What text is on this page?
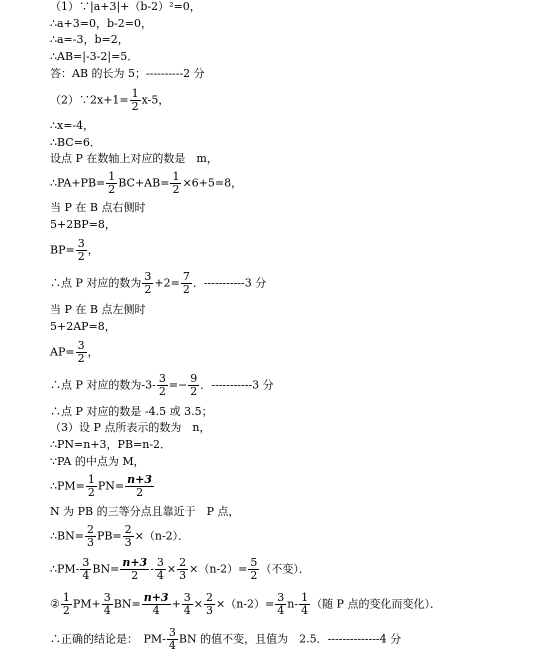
（1）∵|a+3|+（b-2）²=0，
∴a+3=0，b-2=0，
∴a=-3，b=2，
∴AB=|-3-2|=5．
答：AB 的长为 5；----------2 分
（2）∵2x+1= $\frac{1}{2} x-5$，
∴x=-4，
∴BC=6．
设点 P 在数轴上对应的数是　m，
∴PA+PB= $\frac{1}{2} BC+AB= \frac{1}{2} \times 6+5=8$，
当 P 在 B 点右侧时
5+2BP=8，
$BP= \frac{3}{2}$ ，
∴点 P 对应的数为 $\frac{3}{2} +2= \frac{7}{2}$ ．-----------3 分
当 P 在 B 点左侧时
5+2AP=8，
$AP= \frac{3}{2}$ ，
∴点 P 对应的数为$-3- \frac{3}{2} =- \frac{9}{2}$ ．-----------3 分
∴点 P 对应的数是 -4.5 或 3.5；
（3）设 P 点所表示的数为　n，
∴PN=n+3，PB=n-2．
∵PA 的中点为 M，
∴PM= $\frac{1}{2} PN= \frac{n+3}{2}$
N 为 PB 的三等分点且靠近于　P 点，
∴BN= $\frac{2}{3} PB= \frac{2}{3} \times(n-2)$．
∴PM- $\frac{3}{4} BN= \frac{n+3}{2} - \frac{3}{4} \times \frac{2}{3} \times(n-2)= \frac{5}{2}$ （不变）．
② $\frac{1}{2} PM+ \frac{3}{4} BN= \frac{n+3}{4} + \frac{3}{4} \times \frac{2}{3} \times(n-2)= \frac{3}{4} n- \frac{1}{4}$ （随 P 点的变化而变化）．
∴正确的结论是：　$PM- \frac{3}{4}$ BN 的值不变，且值为　2.5．--------------4 分
